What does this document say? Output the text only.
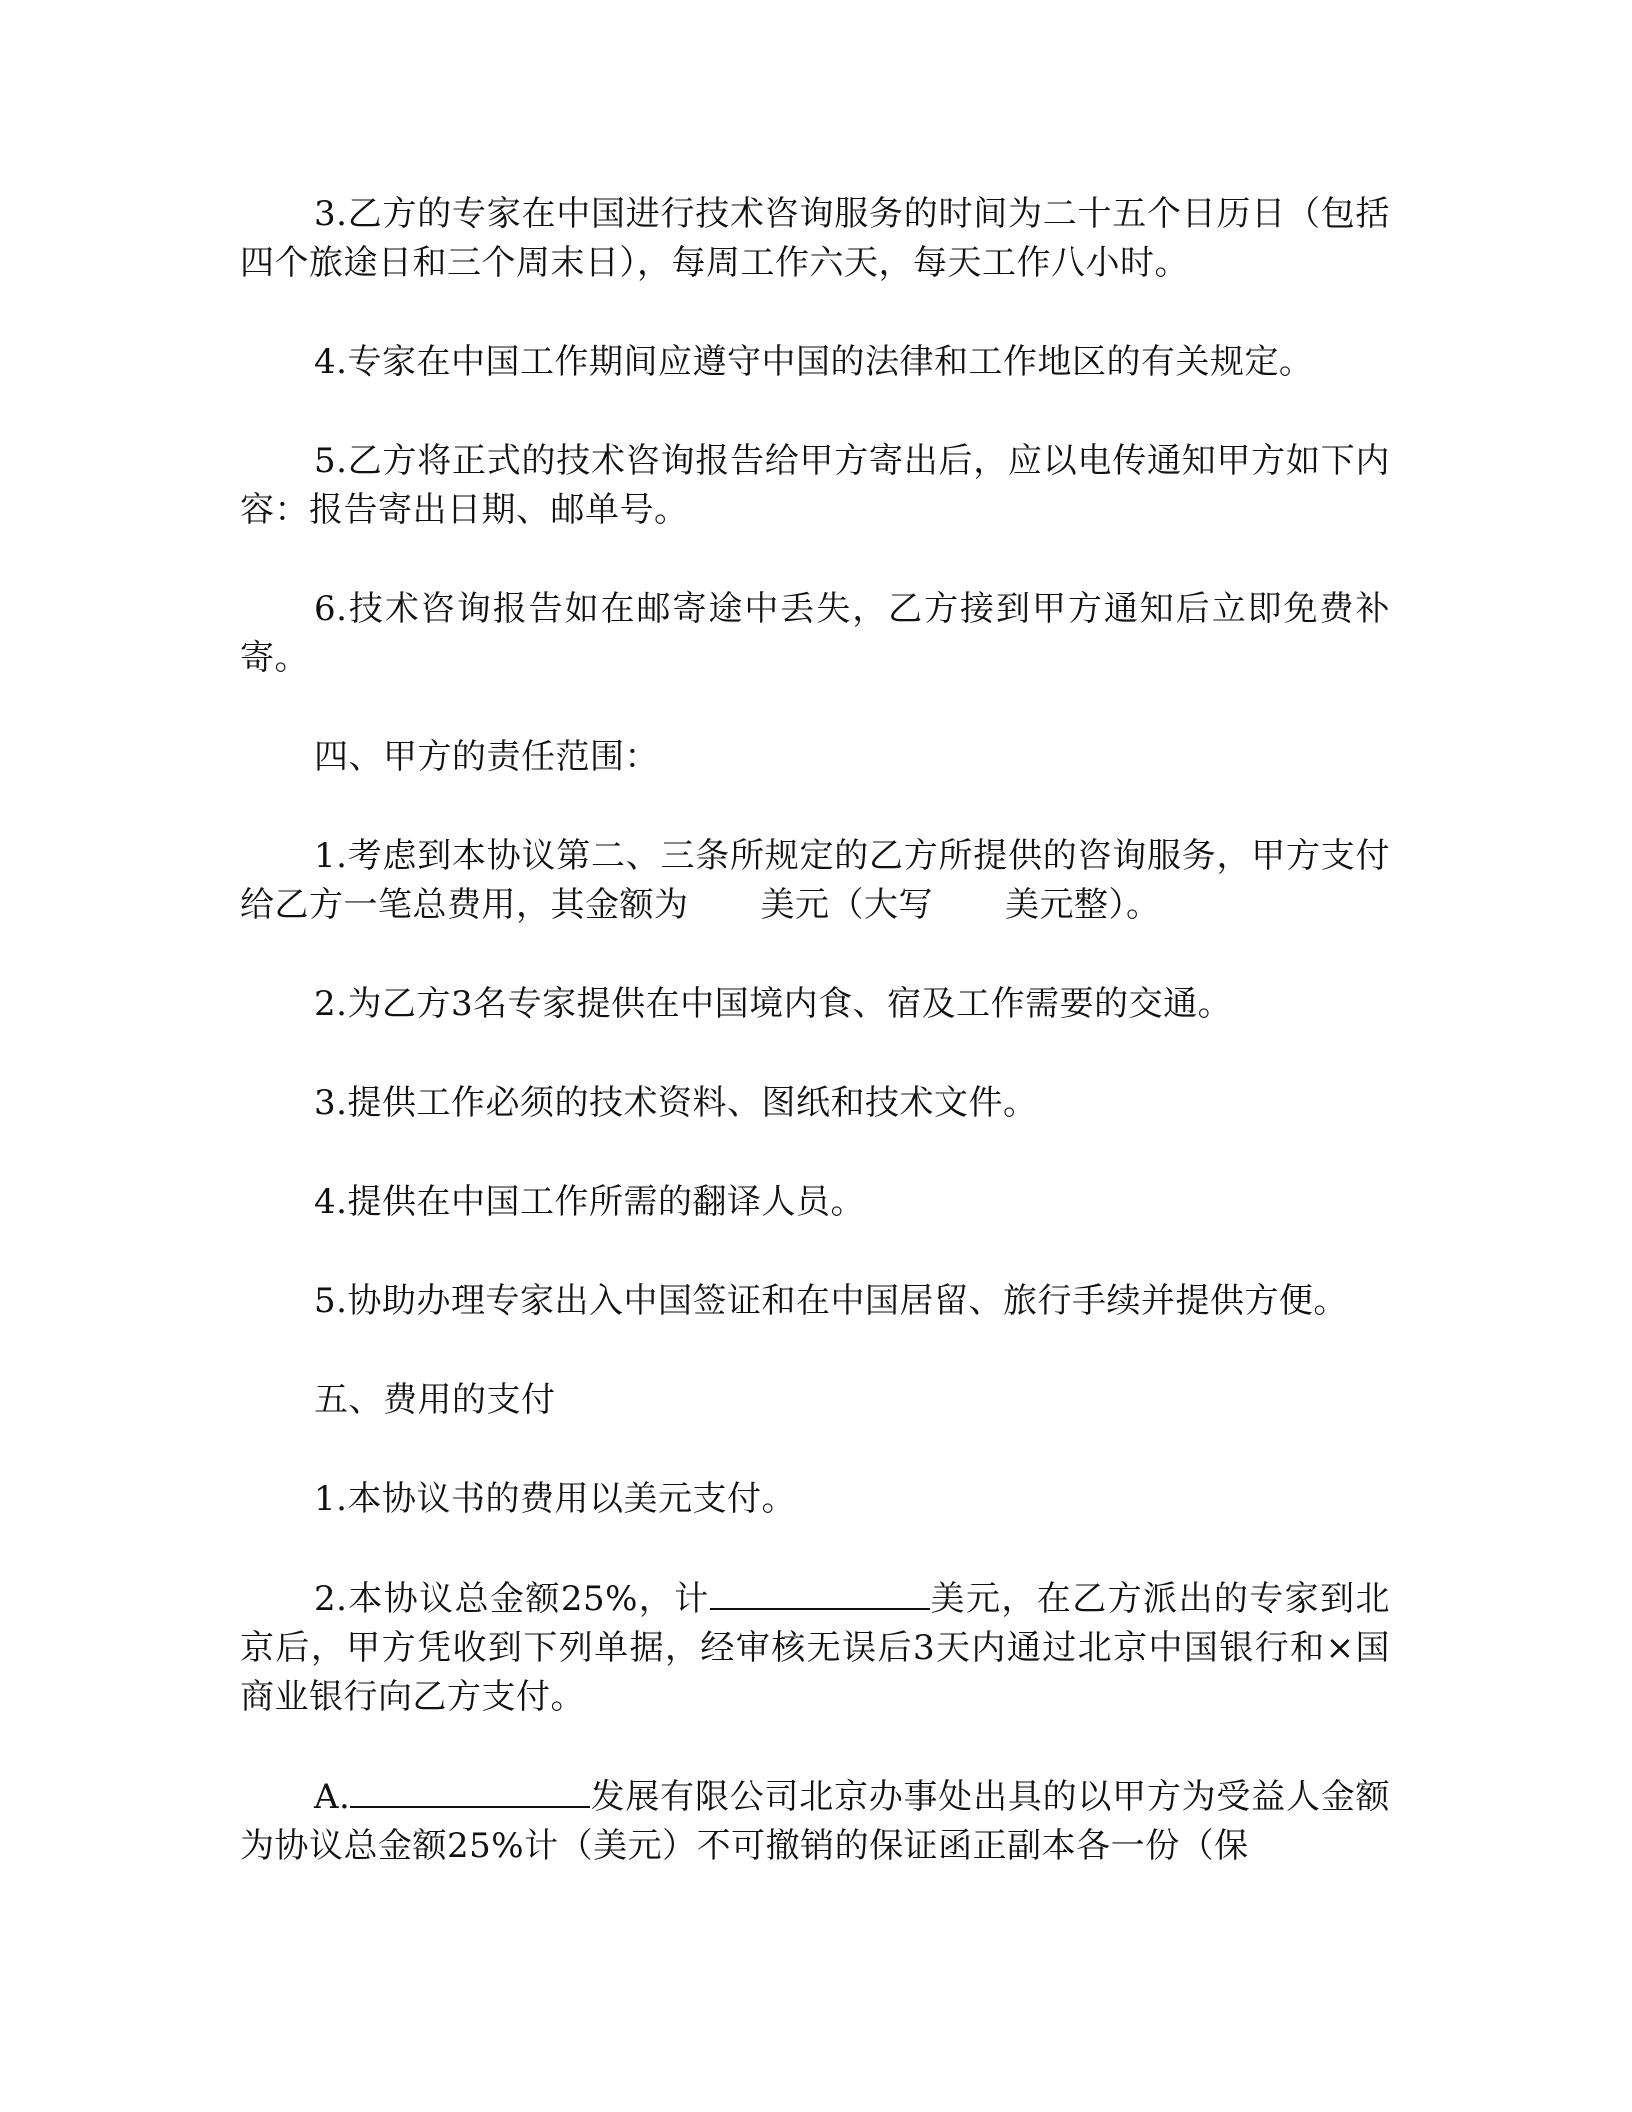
3.乙方的专家在中国进行技术咨询服务的时间为二十五个日历日（包括四个旅途日和三个周末日），每周工作六天，每天工作八小时。

4.专家在中国工作期间应遵守中国的法律和工作地区的有关规定。

5.乙方将正式的技术咨询报告给甲方寄出后，应以电传通知甲方如下内容：报告寄出日期、邮单号。

6.技术咨询报告如在邮寄途中丢失，乙方接到甲方通知后立即免费补寄。

四、甲方的责任范围：

1.考虑到本协议第二、三条所规定的乙方所提供的咨询服务，甲方支付给乙方一笔总费用，其金额为 美元（大写 美元整）。

2.为乙方3名专家提供在中国境内食、宿及工作需要的交通。

3.提供工作必须的技术资料、图纸和技术文件。

4.提供在中国工作所需的翻译人员。

5.协助办理专家出入中国签证和在中国居留、旅行手续并提供方便。

五、费用的支付

1.本协议书的费用以美元支付。

2.本协议总金额25%，计	美元，在乙方派出的专家到北京后，甲方凭收到下列单据，经审核无误后3天内通过北京中国银行和×国商业银行向乙方支付。

A.	发展有限公司北京办事处出具的以甲方为受益人金额为协议总金额25%计（美元）不可撤销的保证函正副本各一份（保
